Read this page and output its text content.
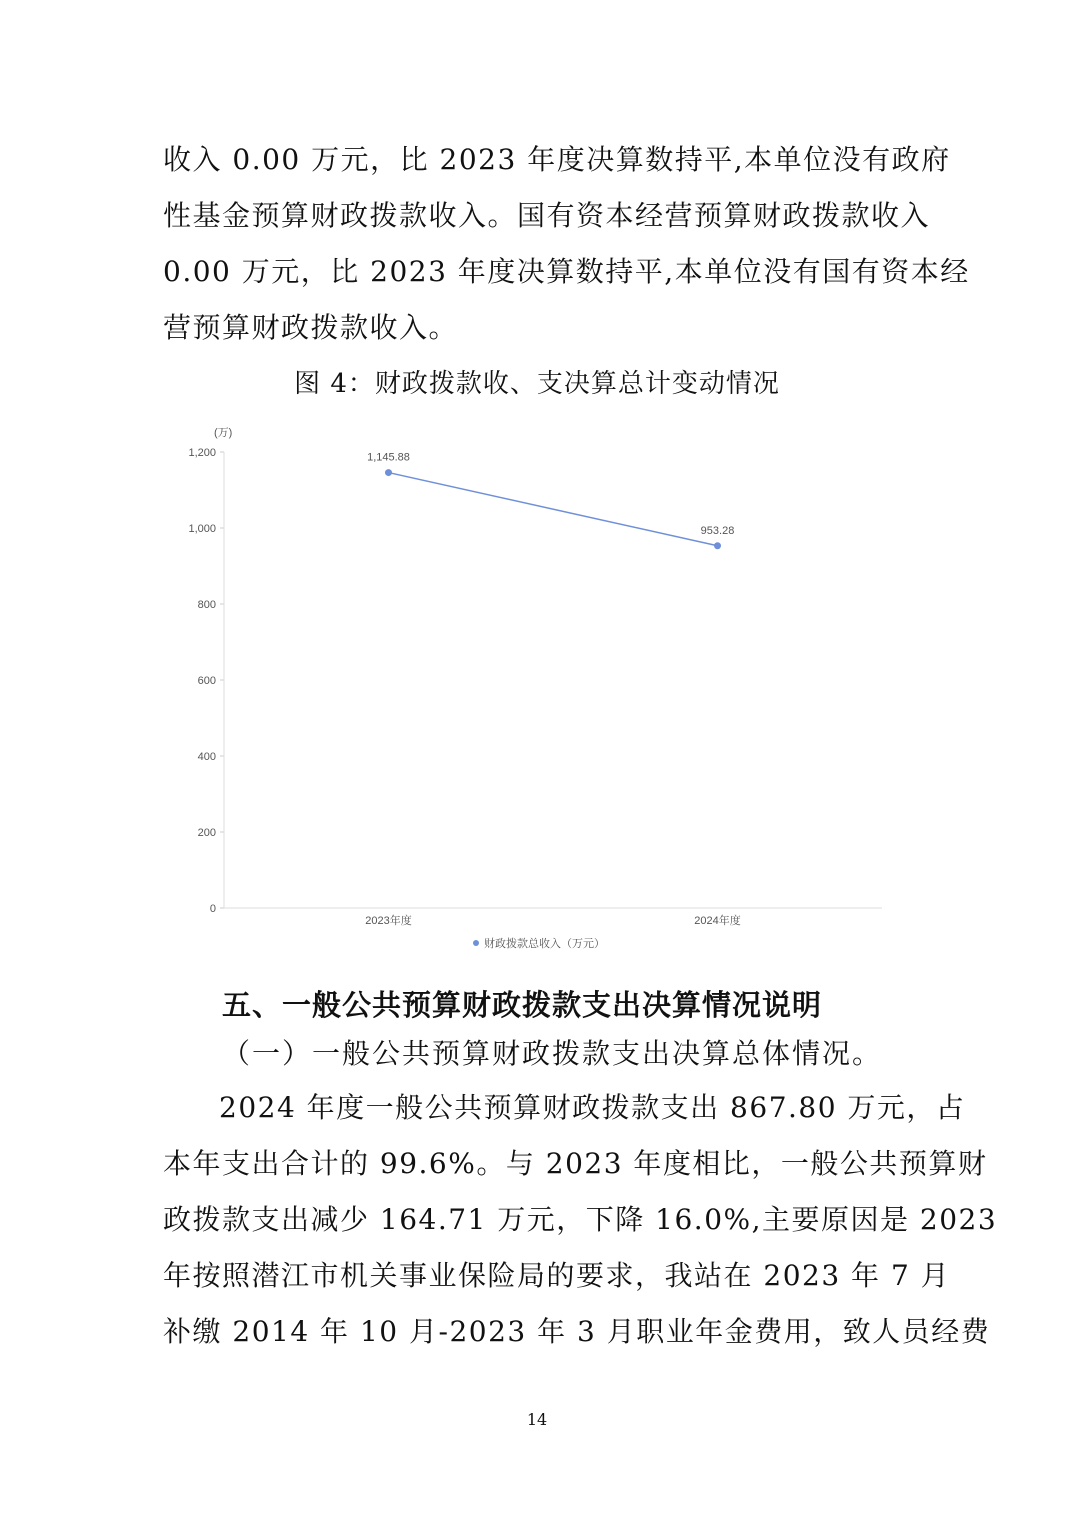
收入 0.00 万元，比 2023 年度决算数持平,本单位没有政府
性基金预算财政拨款收入。国有资本经营预算财政拨款收入
0.00 万元，比 2023 年度决算数持平,本单位没有国有资本经
营预算财政拨款收入。
图 4：财政拨款收、支决算总计变动情况
(万)
0
200
400
600
800
1,000
1,200
2023年度	2024年度
1,145.88
953.28
财政拨款总收入（万元）
五、一般公共预算财政拨款支出决算情况说明
（一）一般公共预算财政拨款支出决算总体情况。
2024 年度一般公共预算财政拨款支出 867.80 万元，占
本年支出合计的 99.6%。与 2023 年度相比，一般公共预算财
政拨款支出减少 164.71 万元，下降 16.0%,主要原因是 2023
年按照潜江市机关事业保险局的要求，我站在 2023 年 7 月
补缴 2014 年 10 月-2023 年 3 月职业年金费用，致人员经费
14
